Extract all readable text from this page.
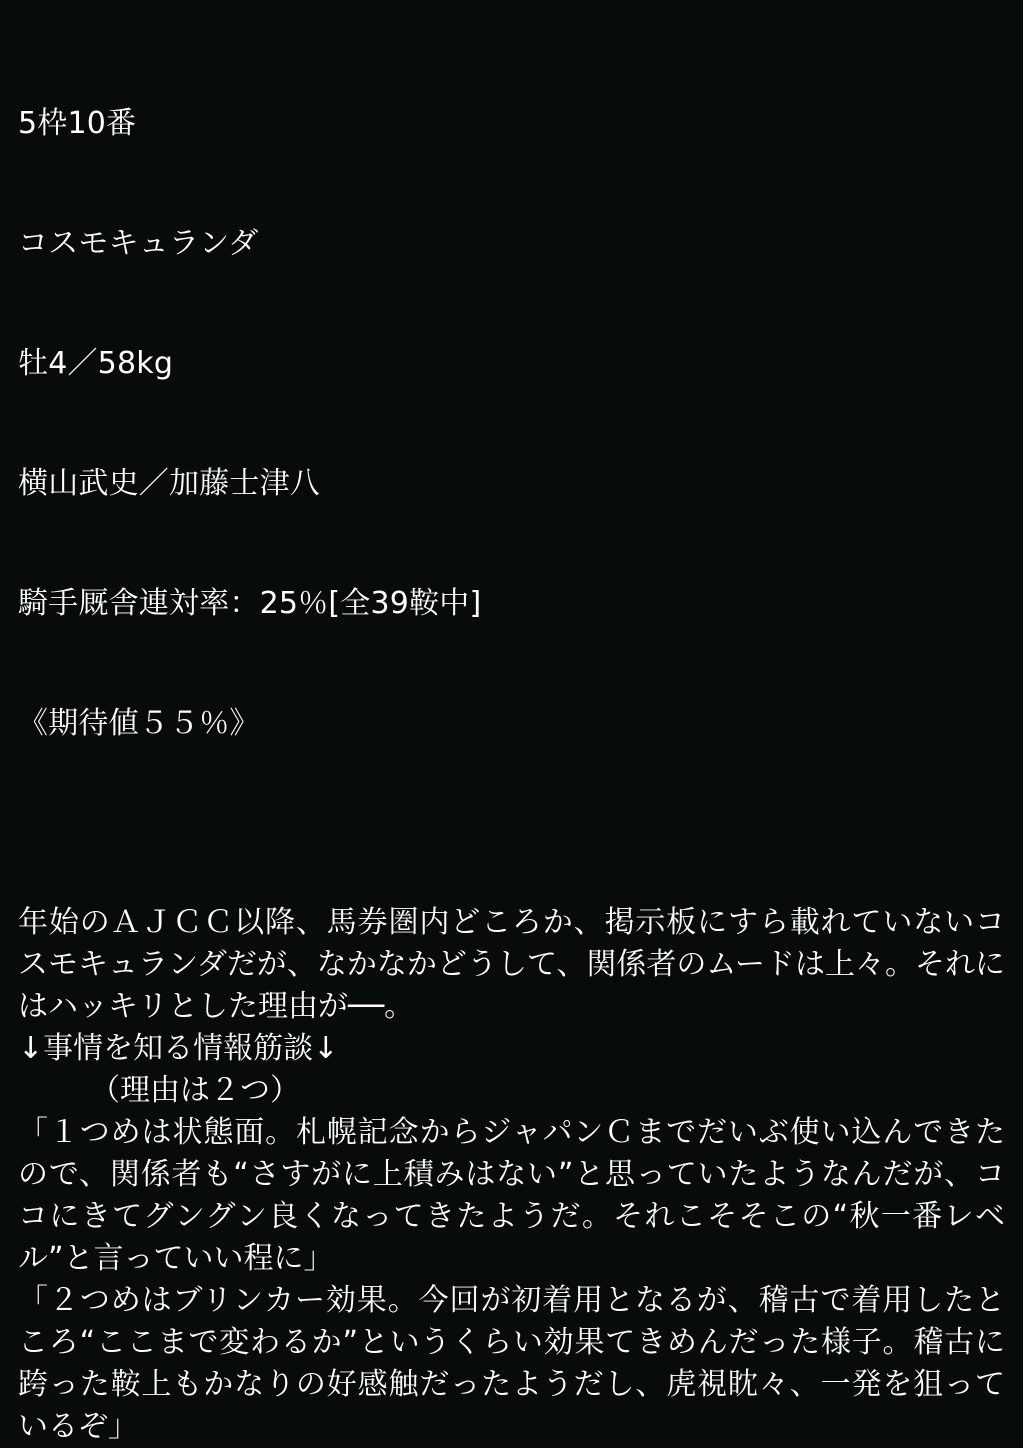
5枠10番

コスモキュランダ

牡4／58kg

横山武史／加藤士津八

騎手厩舎連対率：25％[全39鞍中]

《期待値５５％》

年始のＡＪＣＣ以降、馬券圏内どころか、掲示板にすら載れていないコスモキュランダだが、なかなかどうして、関係者のムードは上々。それにはハッキリとした理由が──。

↓事情を知る情報筋談↓

（理由は２つ）

「１つめは状態面。札幌記念からジャパンＣまでだいぶ使い込んできたので、関係者も“さすがに上積みはない”と思っていたようなんだが、ココにきてグングン良くなってきたようだ。それこそそこの“秋一番レベル”と言っていい程に」

「２つめはブリンカー効果。今回が初着用となるが、稽古で着用したところ“ここまで変わるか”というくらい効果てきめんだった様子。稽古に跨った鞍上もかなりの好感触だったようだし、虎視眈々、一発を狙っているぞ」
